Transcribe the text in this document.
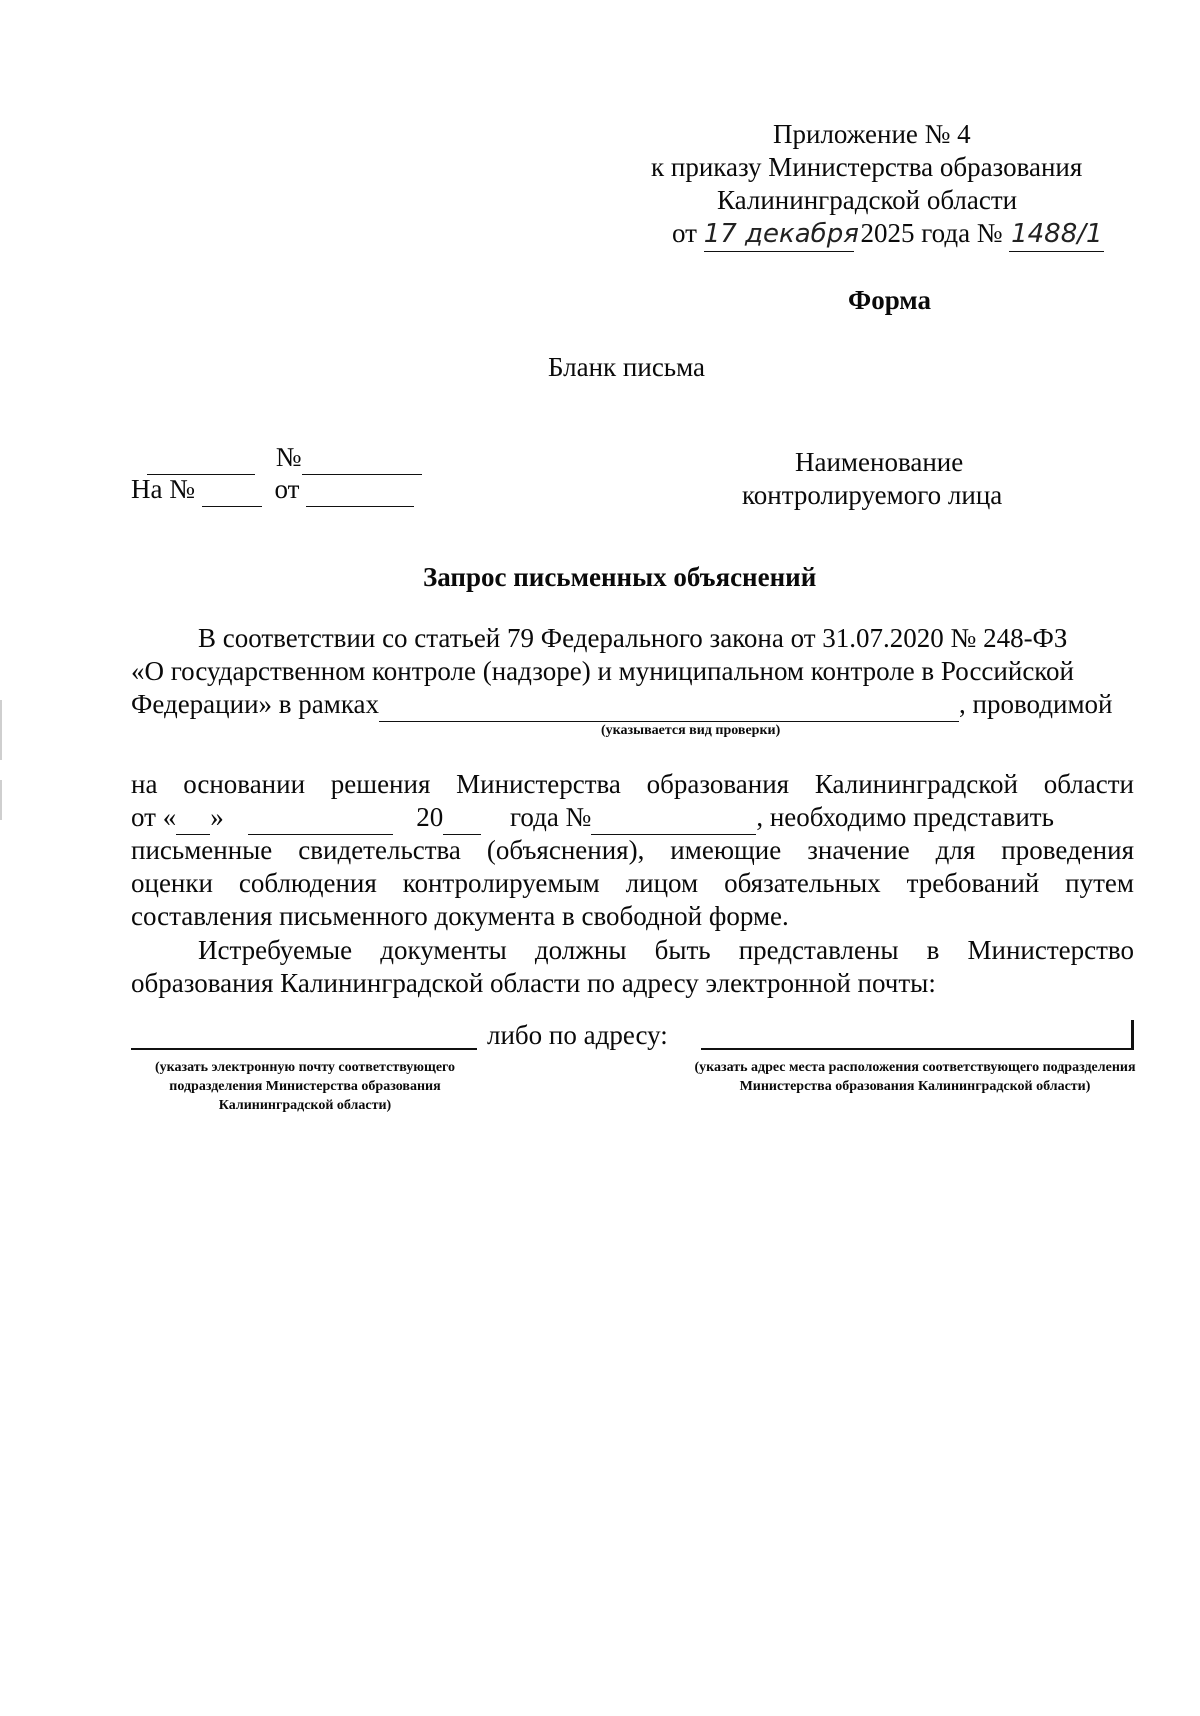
Приложение № 4
к приказу Министерства образования
Калининградской области
от 17 декабря 2025 года № 1488/1
Форма
Бланк письма
№
На №	от
Наименование
контролируемого лица
Запрос письменных объяснений
В соответствии со статьей 79 Федерального закона от 31.07.2020 № 248-ФЗ
«О государственном контроле (надзоре) и муниципальном контроле в Российской
Федерации» в рамках	, проводимой
(указывается вид проверки)
на основании решения Министерства образования Калининградской области
от « »	20 года №	, необходимо представить
письменные свидетельства (объяснения), имеющие значение для проведения
оценки соблюдения контролируемым лицом обязательных требований путем
составления письменного документа в свободной форме.
Истребуемые документы должны быть представлены в Министерство
образования Калининградской области по адресу электронной почты:
либо по адресу:
(указать электронную почту соответствующего подразделения Министерства образования Калининградской области)
(указать адрес места расположения соответствующего подразделения Министерства образования Калининградской области)
